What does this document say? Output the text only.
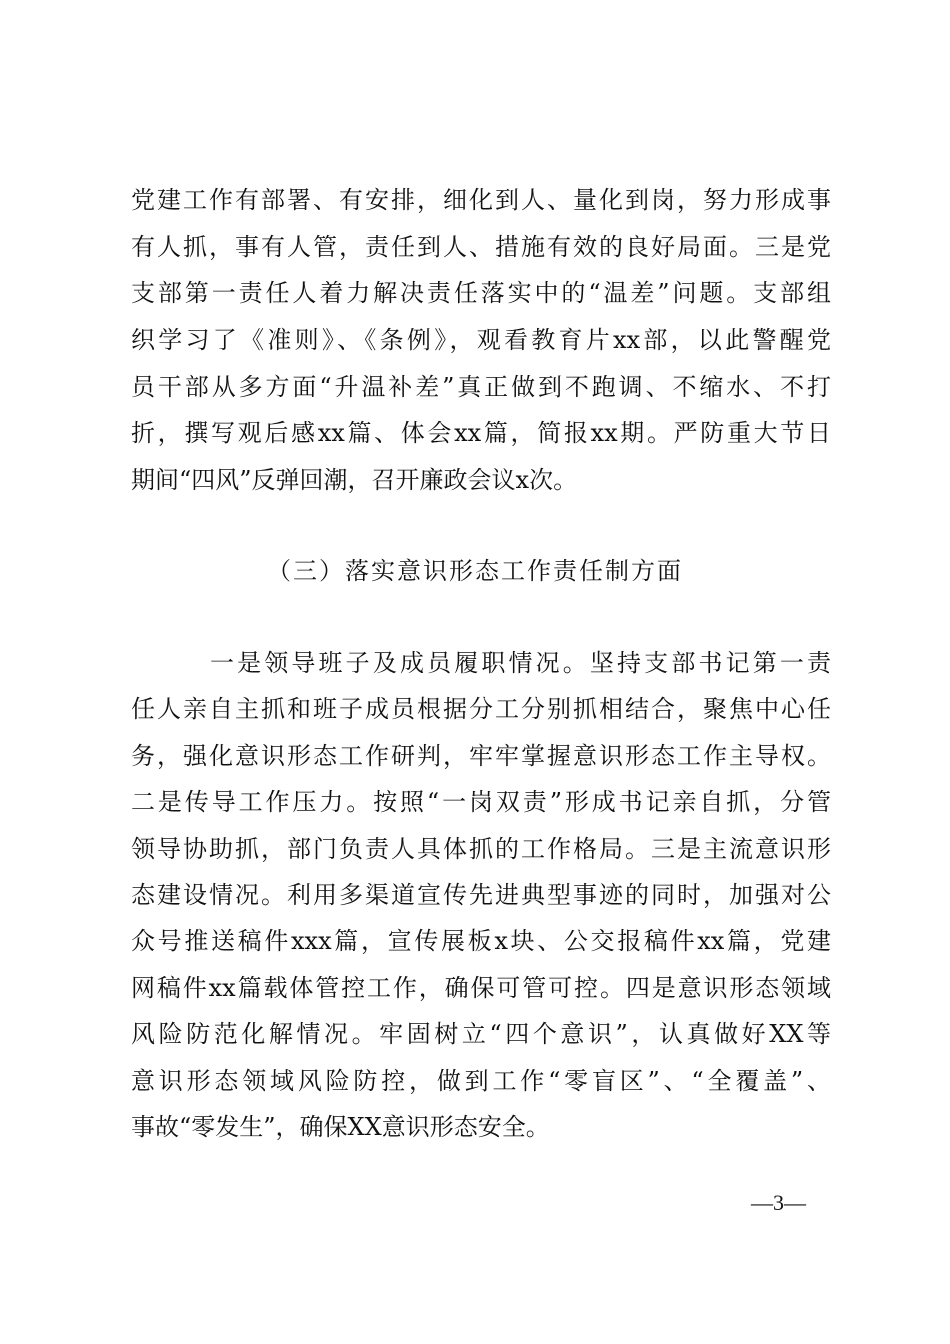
党建工作有部署、有安排，细化到人、量化到岗，努力形成事
有人抓，事有人管，责任到人、措施有效的良好局面。三是党
支部第一责任人着力解决责任落实中的“温差”问题。支部组
织学习了《准则》、《条例》，观看教育片xx部，以此警醒党
员干部从多方面“升温补差”真正做到不跑调、不缩水、不打
折，撰写观后感xx篇、体会xx篇，简报xx期。严防重大节日
期间“四风”反弹回潮，召开廉政会议x次。
（三）落实意识形态工作责任制方面
一是领导班子及成员履职情况。坚持支部书记第一责
任人亲自主抓和班子成员根据分工分别抓相结合，聚焦中心任
务，强化意识形态工作研判，牢牢掌握意识形态工作主导权。
二是传导工作压力。按照“一岗双责”形成书记亲自抓，分管
领导协助抓，部门负责人具体抓的工作格局。三是主流意识形
态建设情况。利用多渠道宣传先进典型事迹的同时，加强对公
众号推送稿件xxx篇，宣传展板x块、公交报稿件xx篇，党建
网稿件xx篇载体管控工作，确保可管可控。四是意识形态领域
风险防范化解情况。牢固树立“四个意识”，认真做好XX等
意识形态领域风险防控，做到工作“零盲区”、“全覆盖”、
事故“零发生”，确保XX意识形态安全。
—3—
